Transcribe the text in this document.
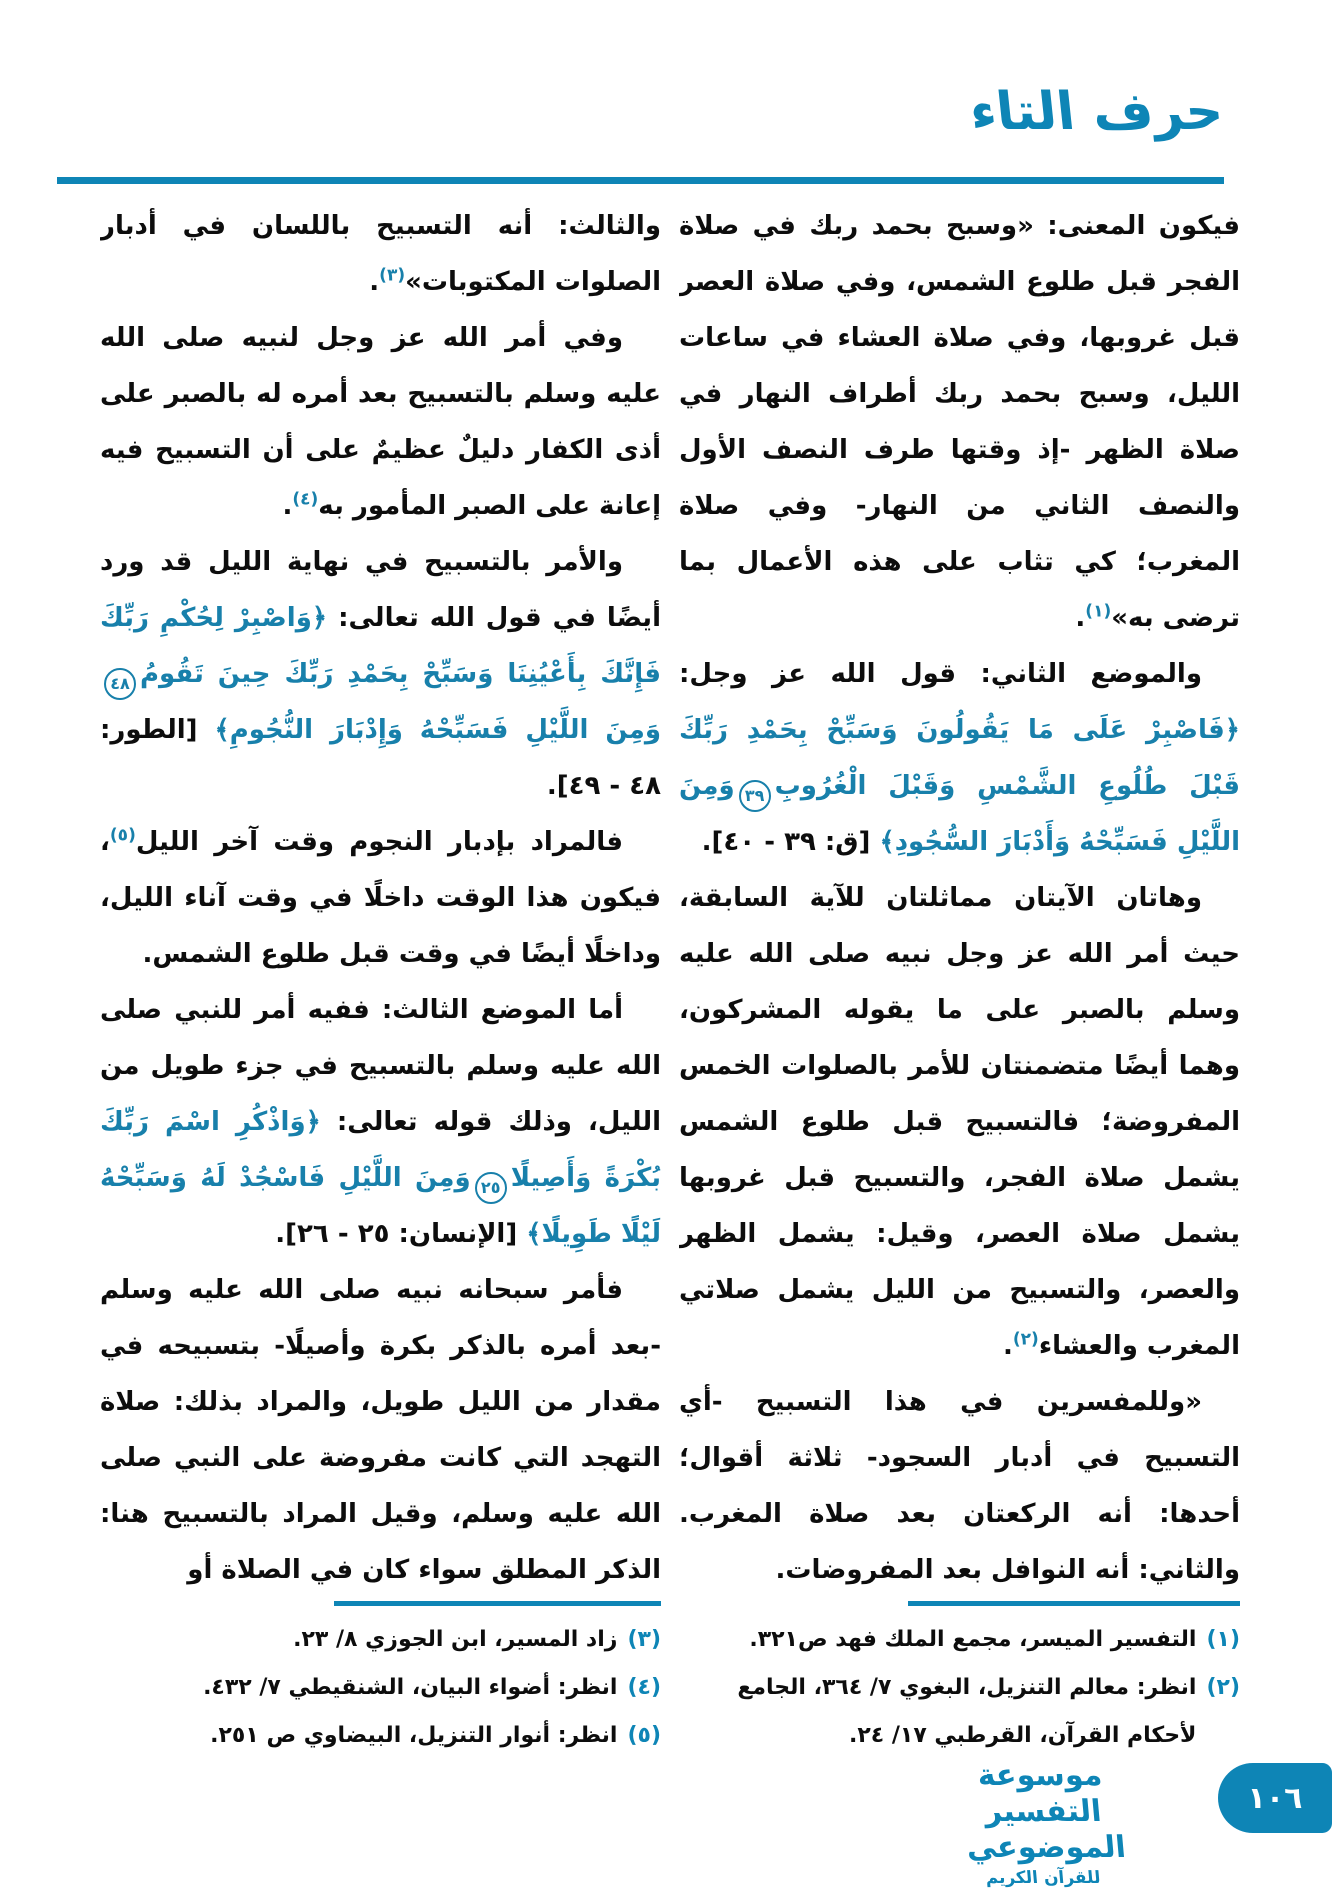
حرف التاء

فيكون المعنى: «وسبح بحمد ربك في صلاة الفجر قبل طلوع الشمس، وفي صلاة العصر قبل غروبها، وفي صلاة العشاء في ساعات الليل، وسبح بحمد ربك أطراف النهار في صلاة الظهر -إذ وقتها طرف النصف الأول والنصف الثاني من النهار- وفي صلاة المغرب؛ كي تثاب على هذه الأعمال بما ترضى به»$^{(١)}$.

والموضع الثاني: قول الله عز وجل: ﴿فَاصْبِرْ عَلَى مَا يَقُولُونَ وَسَبِّحْ بِحَمْدِ رَبِّكَ قَبْلَ طُلُوعِ الشَّمْسِ وَقَبْلَ الْغُرُوبِ٣٩وَمِنَ اللَّيْلِ فَسَبِّحْهُ وَأَدْبَارَ السُّجُودِ﴾ [ق: ٣٩ - ٤٠].

وهاتان الآيتان مماثلتان للآية السابقة، حيث أمر الله عز وجل نبيه صلى الله عليه وسلم بالصبر على ما يقوله المشركون، وهما أيضًا متضمنتان للأمر بالصلوات الخمس المفروضة؛ فالتسبيح قبل طلوع الشمس يشمل صلاة الفجر، والتسبيح قبل غروبها يشمل صلاة العصر، وقيل: يشمل الظهر والعصر، والتسبيح من الليل يشمل صلاتي المغرب والعشاء$^{(٢)}$.

«وللمفسرين في هذا التسبيح -أي التسبيح في أدبار السجود- ثلاثة أقوال؛ أحدها: أنه الركعتان بعد صلاة المغرب. والثاني: أنه النوافل بعد المفروضات.

والثالث: أنه التسبيح باللسان في أدبار الصلوات المكتوبات»$^{(٣)}$.

وفي أمر الله عز وجل لنبيه صلى الله عليه وسلم بالتسبيح بعد أمره له بالصبر على أذى الكفار دليلٌ عظيمٌ على أن التسبيح فيه إعانة على الصبر المأمور به$^{(٤)}$.

والأمر بالتسبيح في نهاية الليل قد ورد أيضًا في قول الله تعالى: ﴿وَاصْبِرْ لِحُكْمِ رَبِّكَ فَإِنَّكَ بِأَعْيُنِنَا وَسَبِّحْ بِحَمْدِ رَبِّكَ حِينَ تَقُومُ٤٨وَمِنَ اللَّيْلِ فَسَبِّحْهُ وَإِدْبَارَ النُّجُومِ﴾ [الطور: ٤٨ - ٤٩].

فالمراد بإدبار النجوم وقت آخر الليل$^{(٥)}$، فيكون هذا الوقت داخلًا في وقت آناء الليل، وداخلًا أيضًا في وقت قبل طلوع الشمس.

أما الموضع الثالث: ففيه أمر للنبي صلى الله عليه وسلم بالتسبيح في جزء طويل من الليل، وذلك قوله تعالى: ﴿وَاذْكُرِ اسْمَ رَبِّكَ بُكْرَةً وَأَصِيلًا٢٥وَمِنَ اللَّيْلِ فَاسْجُدْ لَهُ وَسَبِّحْهُ لَيْلًا طَوِيلًا﴾ [الإنسان: ٢٥ - ٢٦].

فأمر سبحانه نبيه صلى الله عليه وسلم -بعد أمره بالذكر بكرة وأصيلًا- بتسبيحه في مقدار من الليل طويل، والمراد بذلك: صلاة التهجد التي كانت مفروضة على النبي صلى الله عليه وسلم، وقيل المراد بالتسبيح هنا: الذكر المطلق سواء كان في الصلاة أو

(١)
التفسير الميسر، مجمع الملك فهد ص٣٢١.
(٢)
انظر: معالم التنزيل، البغوي ٧/ ٣٦٤، الجامع لأحكام القرآن، القرطبي ١٧/ ٢٤.
(٣)
زاد المسير، ابن الجوزي ٨/ ٢٣.
(٤)
انظر: أضواء البيان، الشنقيطي ٧/ ٤٣٢.
(٥)
انظر: أنوار التنزيل، البيضاوي ص ٢٥١.
موسوعة التفسير الموضوعي
للقرآن الكريم
١٠٦
